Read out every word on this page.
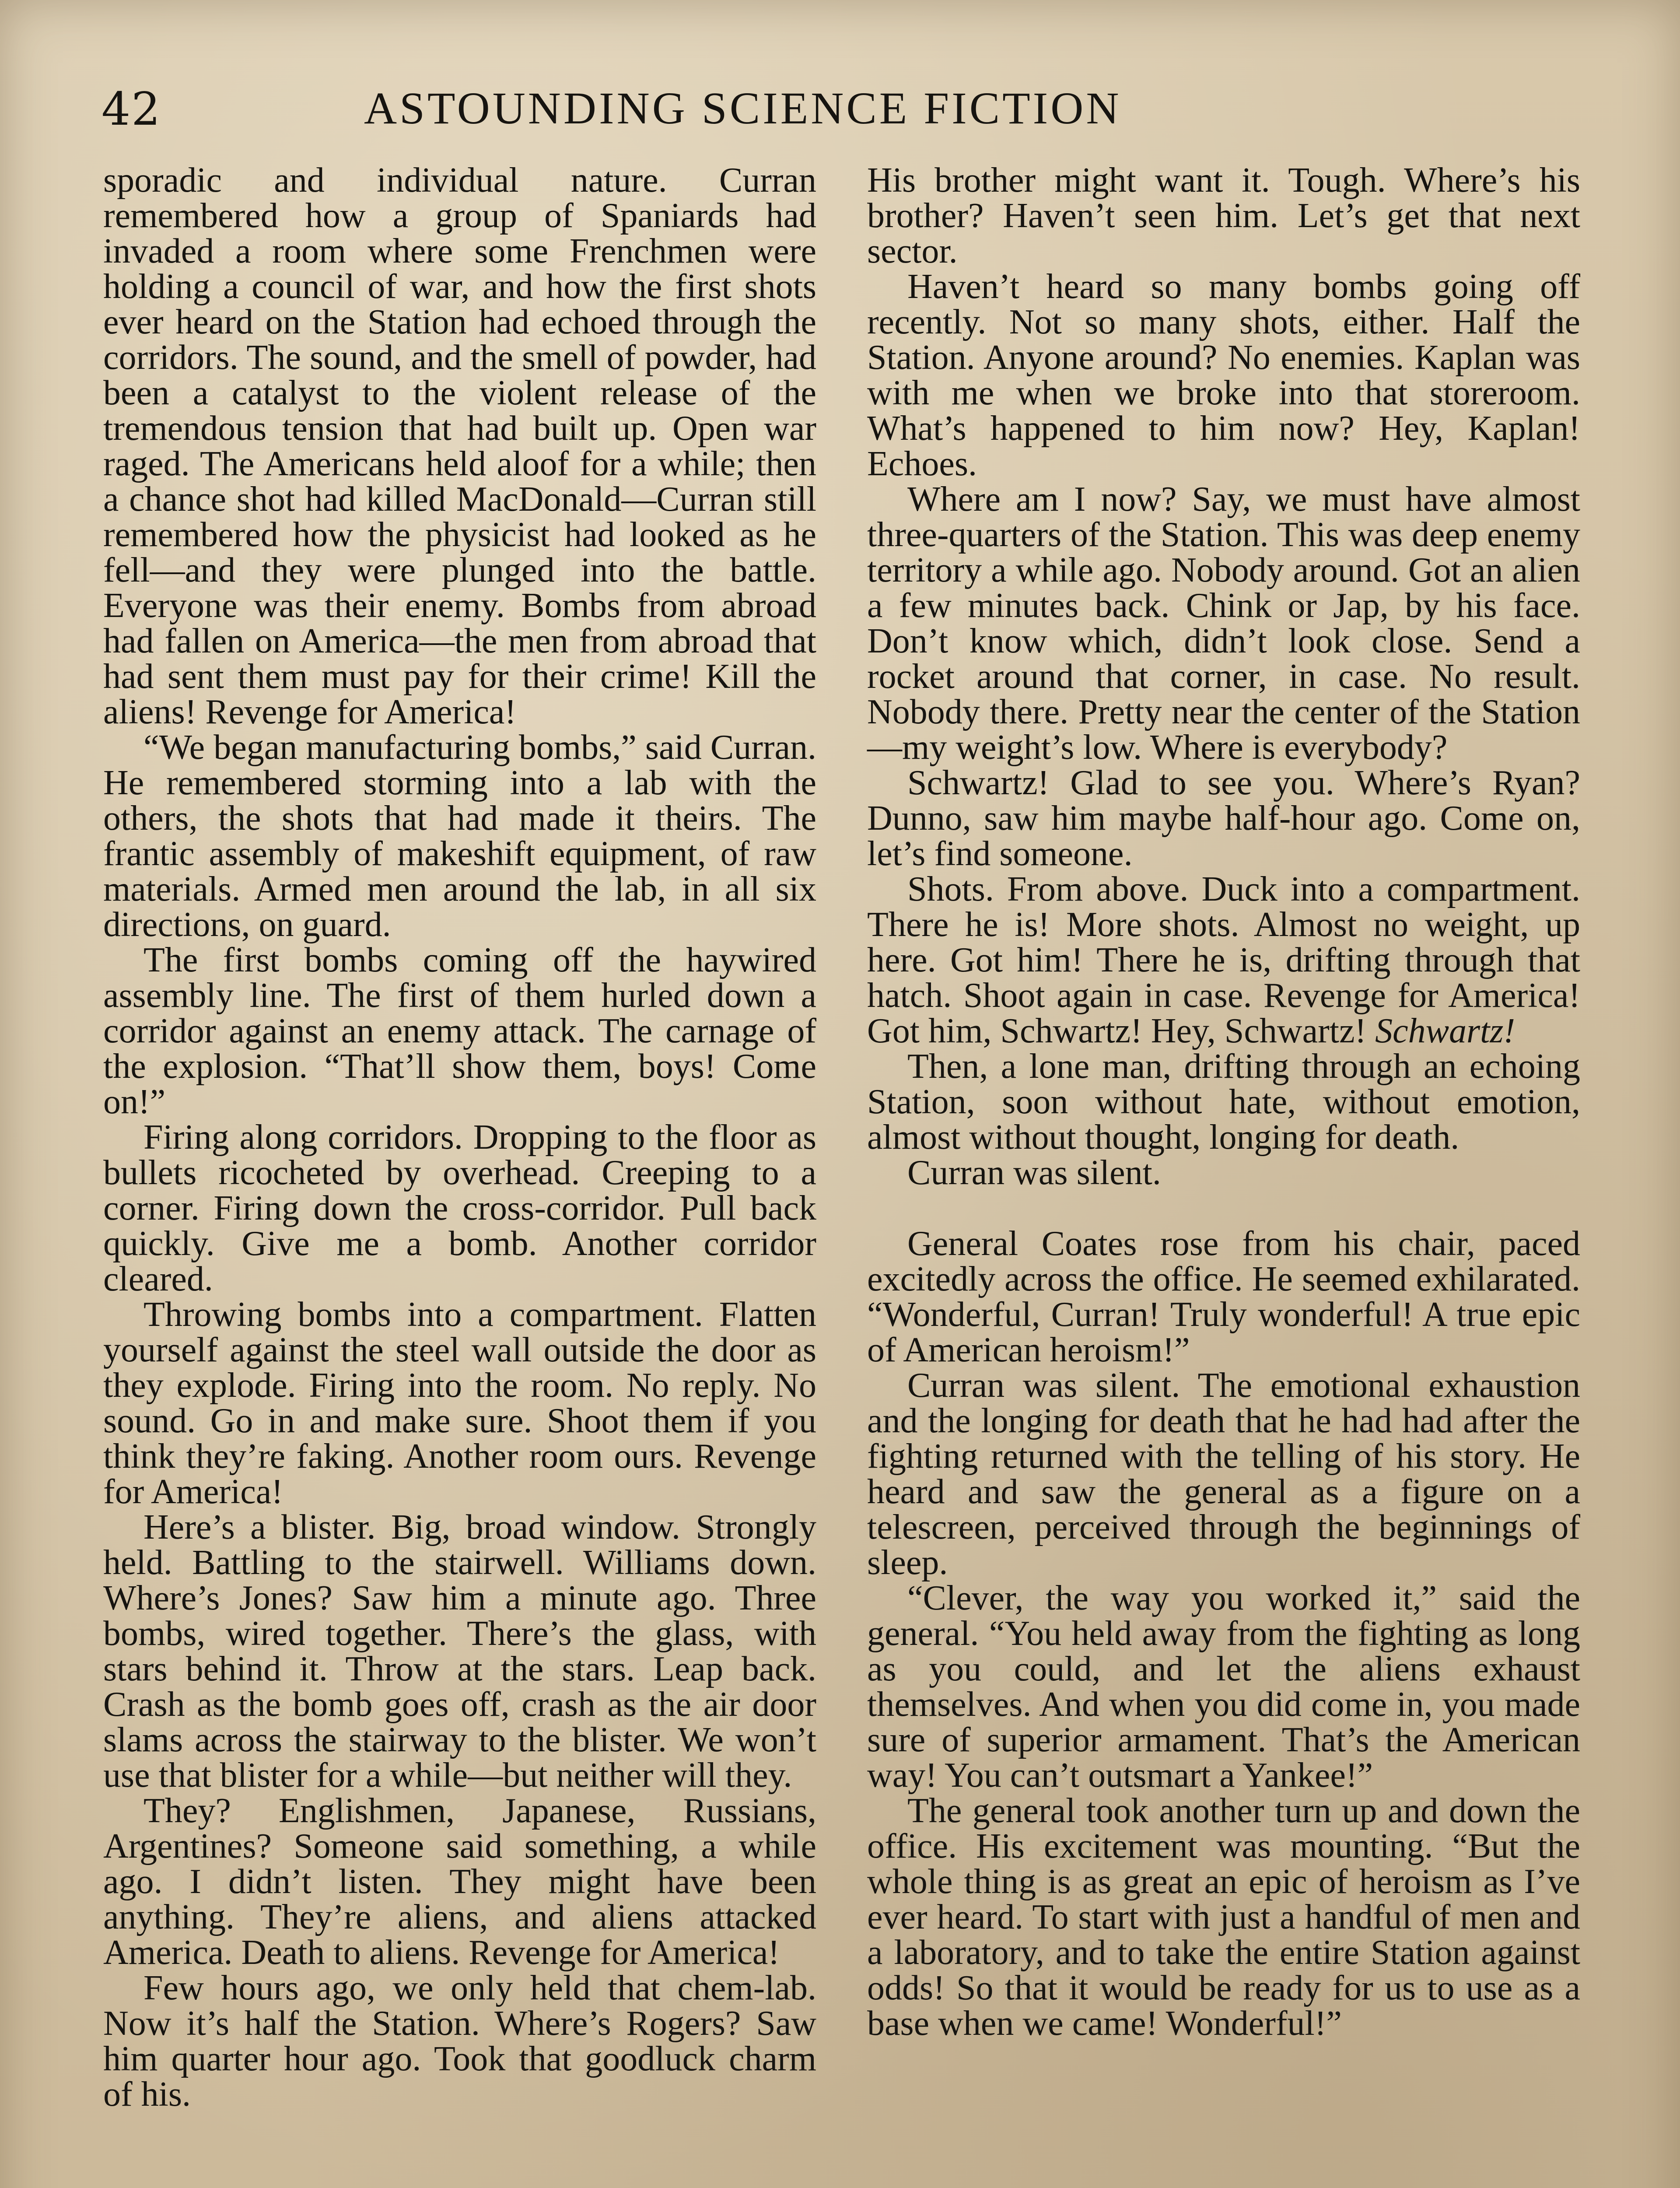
42	ASTOUNDING SCIENCE FICTION

sporadic and individual nature. Curran remembered how a group of Spaniards had invaded a room where some Frenchmen were holding a council of war, and how the first shots ever heard on the Station had echoed through the corridors. The sound, and the smell of powder, had been a catalyst to the violent release of the tremendous tension that had built up. Open war raged. The Americans held aloof for a while; then a chance shot had killed MacDonald—Curran still remembered how the physicist had looked as he fell—and they were plunged into the battle. Everyone was their enemy. Bombs from abroad had fallen on America—the men from abroad that had sent them must pay for their crime! Kill the aliens! Revenge for America!

“We began manufacturing bombs,” said Curran. He remembered storming into a lab with the others, the shots that had made it theirs. The frantic assembly of makeshift equipment, of raw materials. Armed men around the lab, in all six directions, on guard.

The first bombs coming off the haywired assembly line. The first of them hurled down a corridor against an enemy attack. The carnage of the explosion. “That’ll show them, boys! Come on!”

Firing along corridors. Dropping to the floor as bullets ricocheted by overhead. Creeping to a corner. Firing down the cross-corridor. Pull back quickly. Give me a bomb. Another corridor cleared.

Throwing bombs into a compartment. Flatten yourself against the steel wall outside the door as they explode. Firing into the room. No reply. No sound. Go in and make sure. Shoot them if you think they’re faking. Another room ours. Revenge for America!

Here’s a blister. Big, broad window. Strongly held. Battling to the stairwell. Williams down. Where’s Jones? Saw him a minute ago. Three bombs, wired together. There’s the glass, with stars behind it. Throw at the stars. Leap back. Crash as the bomb goes off, crash as the air door slams across the stairway to the blister. We won’t use that blister for a while—but neither will they.

They? Englishmen, Japanese, Russians, Argentines? Someone said something, a while ago. I didn’t listen. They might have been anything. They’re aliens, and aliens attacked America. Death to aliens. Revenge for America!

Few hours ago, we only held that chem-lab. Now it’s half the Station. Where’s Rogers? Saw him quarter hour ago. Took that goodluck charm of his.

His brother might want it. Tough. Where’s his brother? Haven’t seen him. Let’s get that next sector.

Haven’t heard so many bombs going off recently. Not so many shots, either. Half the Station. Anyone around? No enemies. Kaplan was with me when we broke into that storeroom. What’s happened to him now? Hey, Kaplan! Echoes.

Where am I now? Say, we must have almost three-quarters of the Station. This was deep enemy territory a while ago. Nobody around. Got an alien a few minutes back. Chink or Jap, by his face. Don’t know which, didn’t look close. Send a rocket around that corner, in case. No result. Nobody there. Pretty near the center of the Station—my weight’s low. Where is everybody?

Schwartz! Glad to see you. Where’s Ryan? Dunno, saw him maybe half-hour ago. Come on, let’s find someone.

Shots. From above. Duck into a compartment. There he is! More shots. Almost no weight, up here. Got him! There he is, drifting through that hatch. Shoot again in case. Revenge for America! Got him, Schwartz! Hey, Schwartz! Schwartz!

Then, a lone man, drifting through an echoing Station, soon without hate, without emotion, almost without thought, longing for death.

Curran was silent.

General Coates rose from his chair, paced excitedly across the office. He seemed exhilarated. “Wonderful, Curran! Truly wonderful! A true epic of American heroism!”

Curran was silent. The emotional exhaustion and the longing for death that he had had after the fighting returned with the telling of his story. He heard and saw the general as a figure on a telescreen, perceived through the beginnings of sleep.

“Clever, the way you worked it,” said the general. “You held away from the fighting as long as you could, and let the aliens exhaust themselves. And when you did come in, you made sure of superior armament. That’s the American way! You can’t outsmart a Yankee!”

The general took another turn up and down the office. His excitement was mounting. “But the whole thing is as great an epic of heroism as I’ve ever heard. To start with just a handful of men and a laboratory, and to take the entire Station against odds! So that it would be ready for us to use as a base when we came! Wonderful!”
